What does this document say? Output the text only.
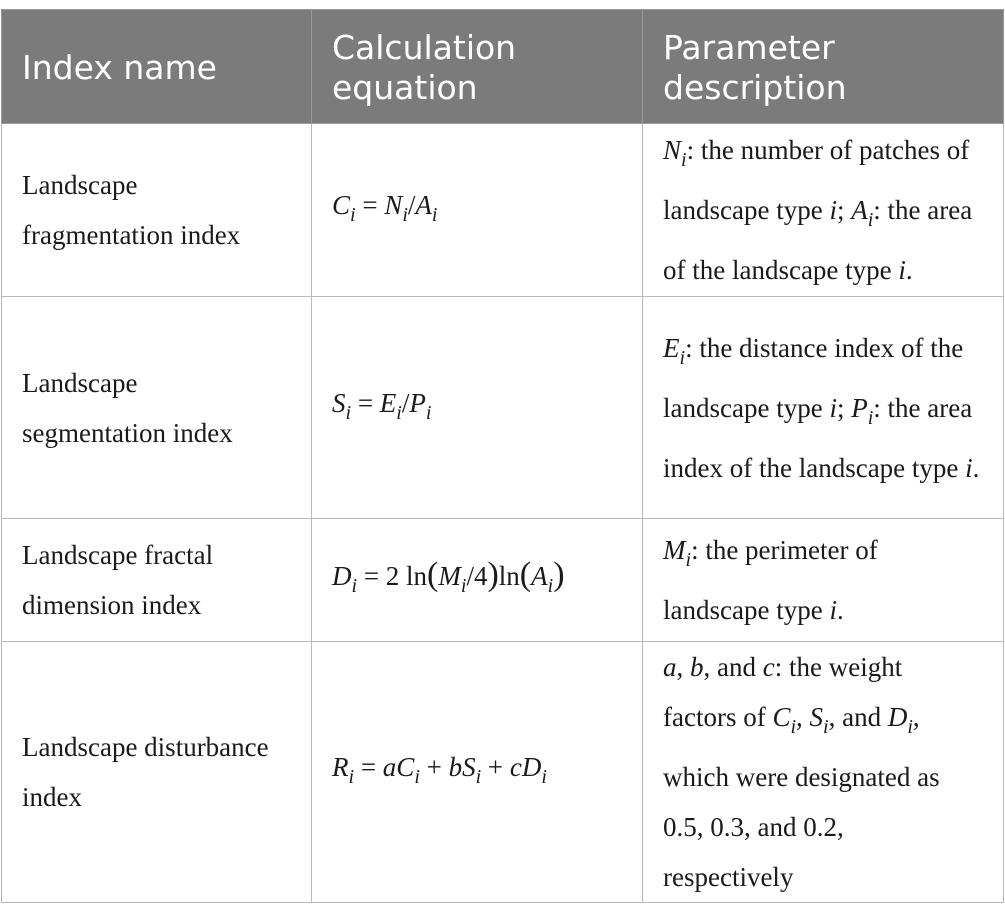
Index name	Calculation equation	Parameter description

Landscape fragmentation index	$C_i = N_i/A_i$	$N_i$: the number of patches of landscape type i; $A_i$: the area of the landscape type i.

Landscape segmentation index	$S_i = E_i/P_i$	$E_i$: the distance index of the landscape type i; $P_i$: the area index of the landscape type i.

Landscape fractal dimension index	$D_i = 2$ $\ln(M_i/4)\ln(A_i)$	$M_i$: the perimeter of landscape type i.

Landscape disturbance index	$R_i = aC_i + bS_i + cD_i$	a, b, and c: the weight factors of $C_i$, $S_i$, and $D_i$, which were designated as 0.5, 0.3, and 0.2, respectively
